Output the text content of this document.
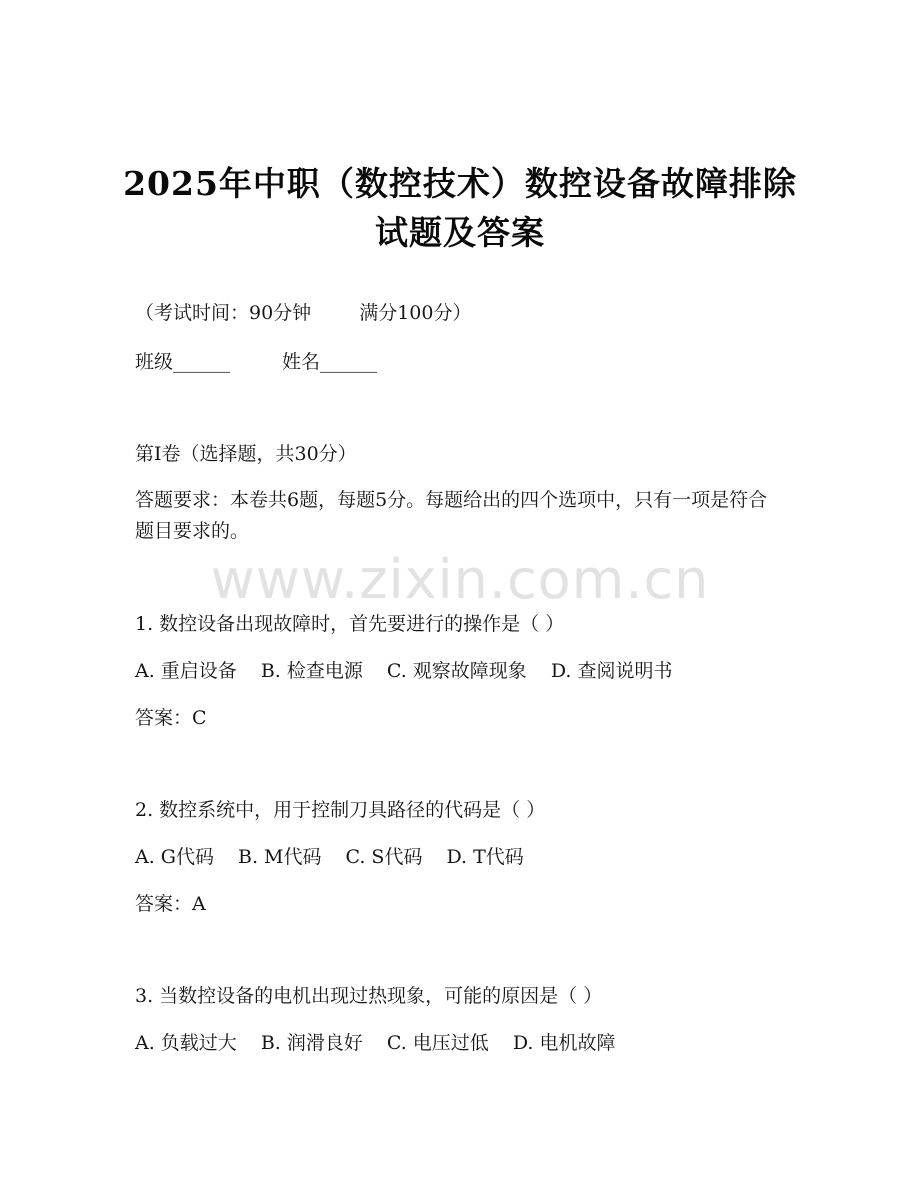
2025年中职（数控技术）数控设备故障排除
试题及答案
（考试时间：90分钟	满分100分）
班级______	姓名______
第I卷（选择题，共30分）
答题要求：本卷共6题，每题5分。每题给出的四个选项中，只有一项是符合题目要求的。
www.zixin.com.cn
1. 数控设备出现故障时，首先要进行的操作是（ ）
A. 重启设备 B. 检查电源 C. 观察故障现象 D. 查阅说明书
答案：C
2. 数控系统中，用于控制刀具路径的代码是（ ）
A. G代码 B. M代码 C. S代码 D. T代码
答案：A
3. 当数控设备的电机出现过热现象，可能的原因是（ ）
A. 负载过大 B. 润滑良好 C. 电压过低 D. 电机故障
